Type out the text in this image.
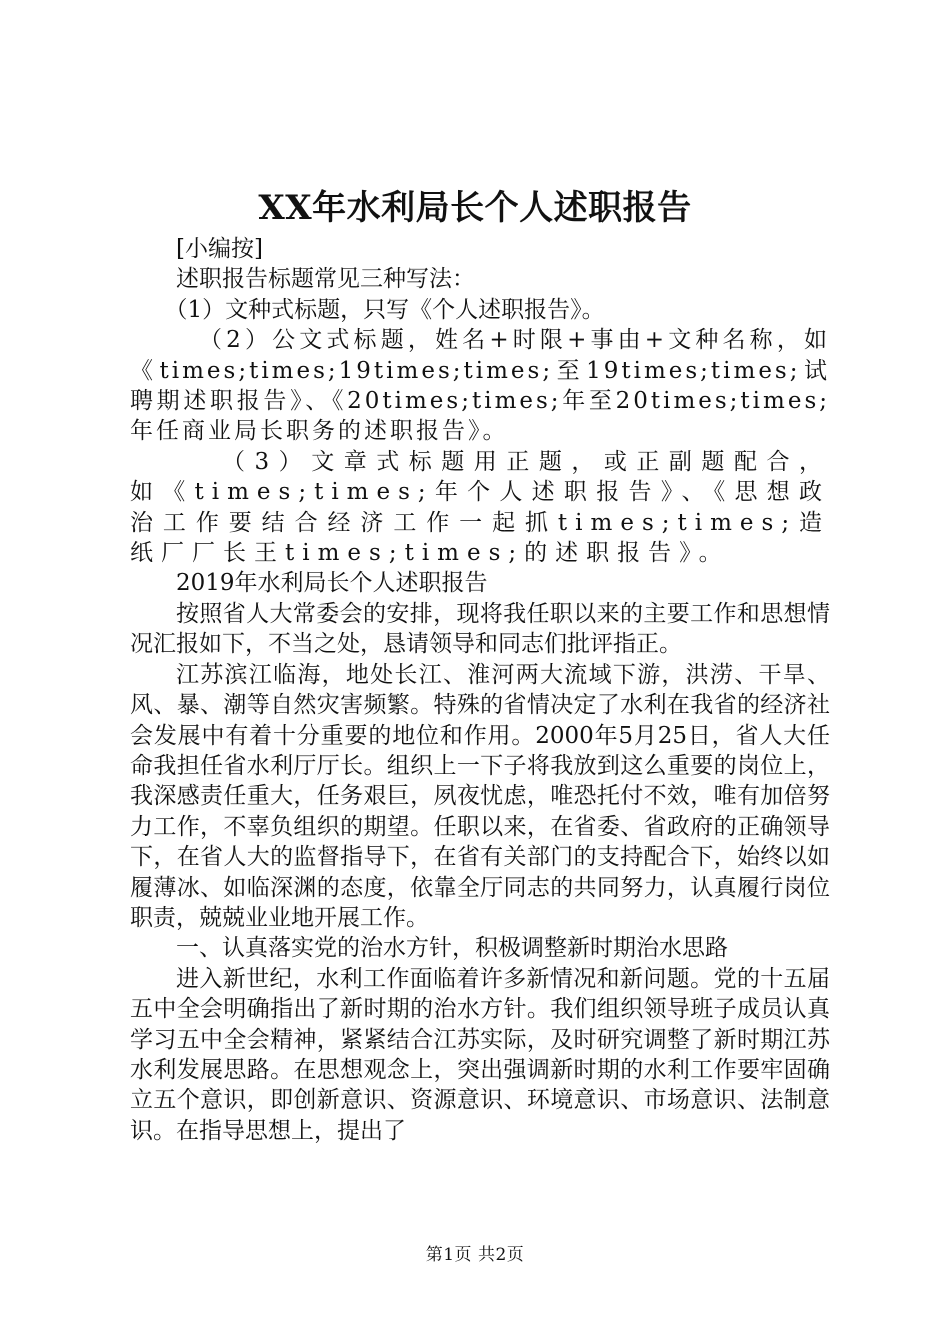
XX年水利局长个人述职报告

[小编按]

述职报告标题常见三种写法：

（1）文种式标题，只写《个人述职报告》。

（2）公文式标题，姓名+时限+事由+文种名称，如《times;times;19times;times;至19times;times;试聘期述职报告》、《20times;times;年至20times;times;年任商业局长职务的述职报告》。

（3）文章式标题用正题，或正副题配合，如《times;times;年个人述职报告》、《思想政治工作要结合经济工作一起抓times;times;造纸厂厂长王times;times;的述职报告》。

2019年水利局长个人述职报告

按照省人大常委会的安排，现将我任职以来的主要工作和思想情况汇报如下，不当之处，恳请领导和同志们批评指正。

江苏滨江临海，地处长江、淮河两大流域下游，洪涝、干旱、风、暴、潮等自然灾害频繁。特殊的省情决定了水利在我省的经济社会发展中有着十分重要的地位和作用。2000年5月25日，省人大任命我担任省水利厅厅长。组织上一下子将我放到这么重要的岗位上，我深感责任重大，任务艰巨，夙夜忧虑，唯恐托付不效，唯有加倍努力工作，不辜负组织的期望。任职以来，在省委、省政府的正确领导下，在省人大的监督指导下，在省有关部门的支持配合下，始终以如履薄冰、如临深渊的态度，依靠全厅同志的共同努力，认真履行岗位职责，兢兢业业地开展工作。

一、认真落实党的治水方针，积极调整新时期治水思路

进入新世纪，水利工作面临着许多新情况和新问题。党的十五届五中全会明确指出了新时期的治水方针。我们组织领导班子成员认真学习五中全会精神，紧紧结合江苏实际，及时研究调整了新时期江苏水利发展思路。在思想观念上，突出强调新时期的水利工作要牢固确立五个意识，即创新意识、资源意识、环境意识、市场意识、法制意识。在指导思想上，提出了

第1页 共2页
